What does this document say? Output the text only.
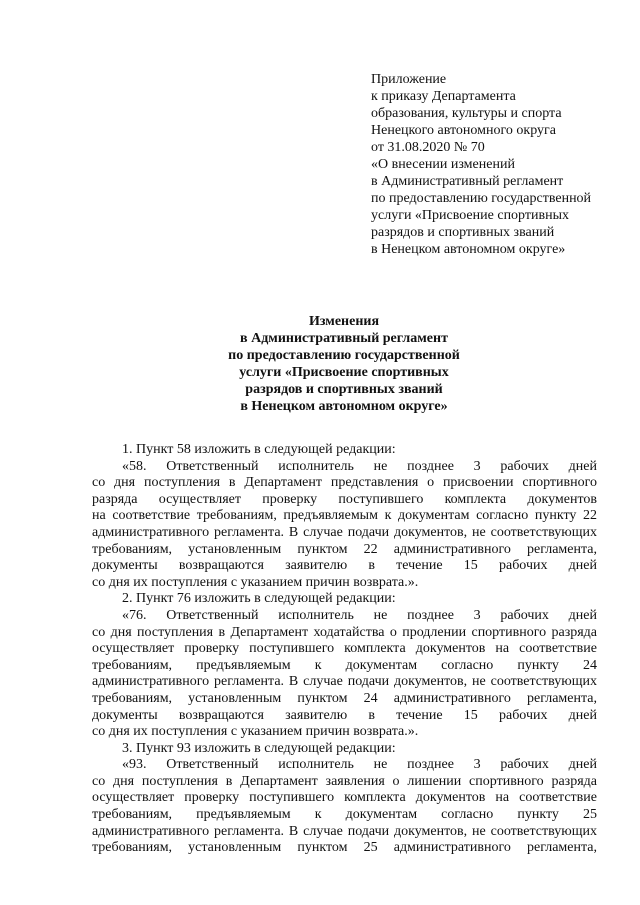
Приложение
к приказу Департамента
образования, культуры и спорта
Ненецкого автономного округа
от 31.08.2020 № 70
«О внесении изменений
в Административный регламент
по предоставлению государственной
услуги «Присвоение спортивных
разрядов и спортивных званий
в Ненецком автономном округе»
Изменения
в Административный регламент
по предоставлению государственной
услуги «Присвоение спортивных
разрядов и спортивных званий
в Ненецком автономном округе»
1. Пункт 58 изложить в следующей редакции:
«58. Ответственный исполнитель не позднее 3 рабочих дней
со дня поступления в Департамент представления о присвоении спортивного
разряда осуществляет проверку поступившего комплекта документов
на соответствие требованиям, предъявляемым к документам согласно пункту 22
административного регламента. В случае подачи документов, не соответствующих
требованиям, установленным пунктом 22 административного регламента,
документы возвращаются заявителю в течение 15 рабочих дней
со дня их поступления с указанием причин возврата.».
2. Пункт 76 изложить в следующей редакции:
«76. Ответственный исполнитель не позднее 3 рабочих дней
со дня поступления в Департамент ходатайства о продлении спортивного разряда
осуществляет проверку поступившего комплекта документов на соответствие
требованиям, предъявляемым к документам согласно пункту 24
административного регламента. В случае подачи документов, не соответствующих
требованиям, установленным пунктом 24 административного регламента,
документы возвращаются заявителю в течение 15 рабочих дней
со дня их поступления с указанием причин возврата.».
3. Пункт 93 изложить в следующей редакции:
«93. Ответственный исполнитель не позднее 3 рабочих дней
со дня поступления в Департамент заявления о лишении спортивного разряда
осуществляет проверку поступившего комплекта документов на соответствие
требованиям, предъявляемым к документам согласно пункту 25
административного регламента. В случае подачи документов, не соответствующих
требованиям, установленным пунктом 25 административного регламента,
